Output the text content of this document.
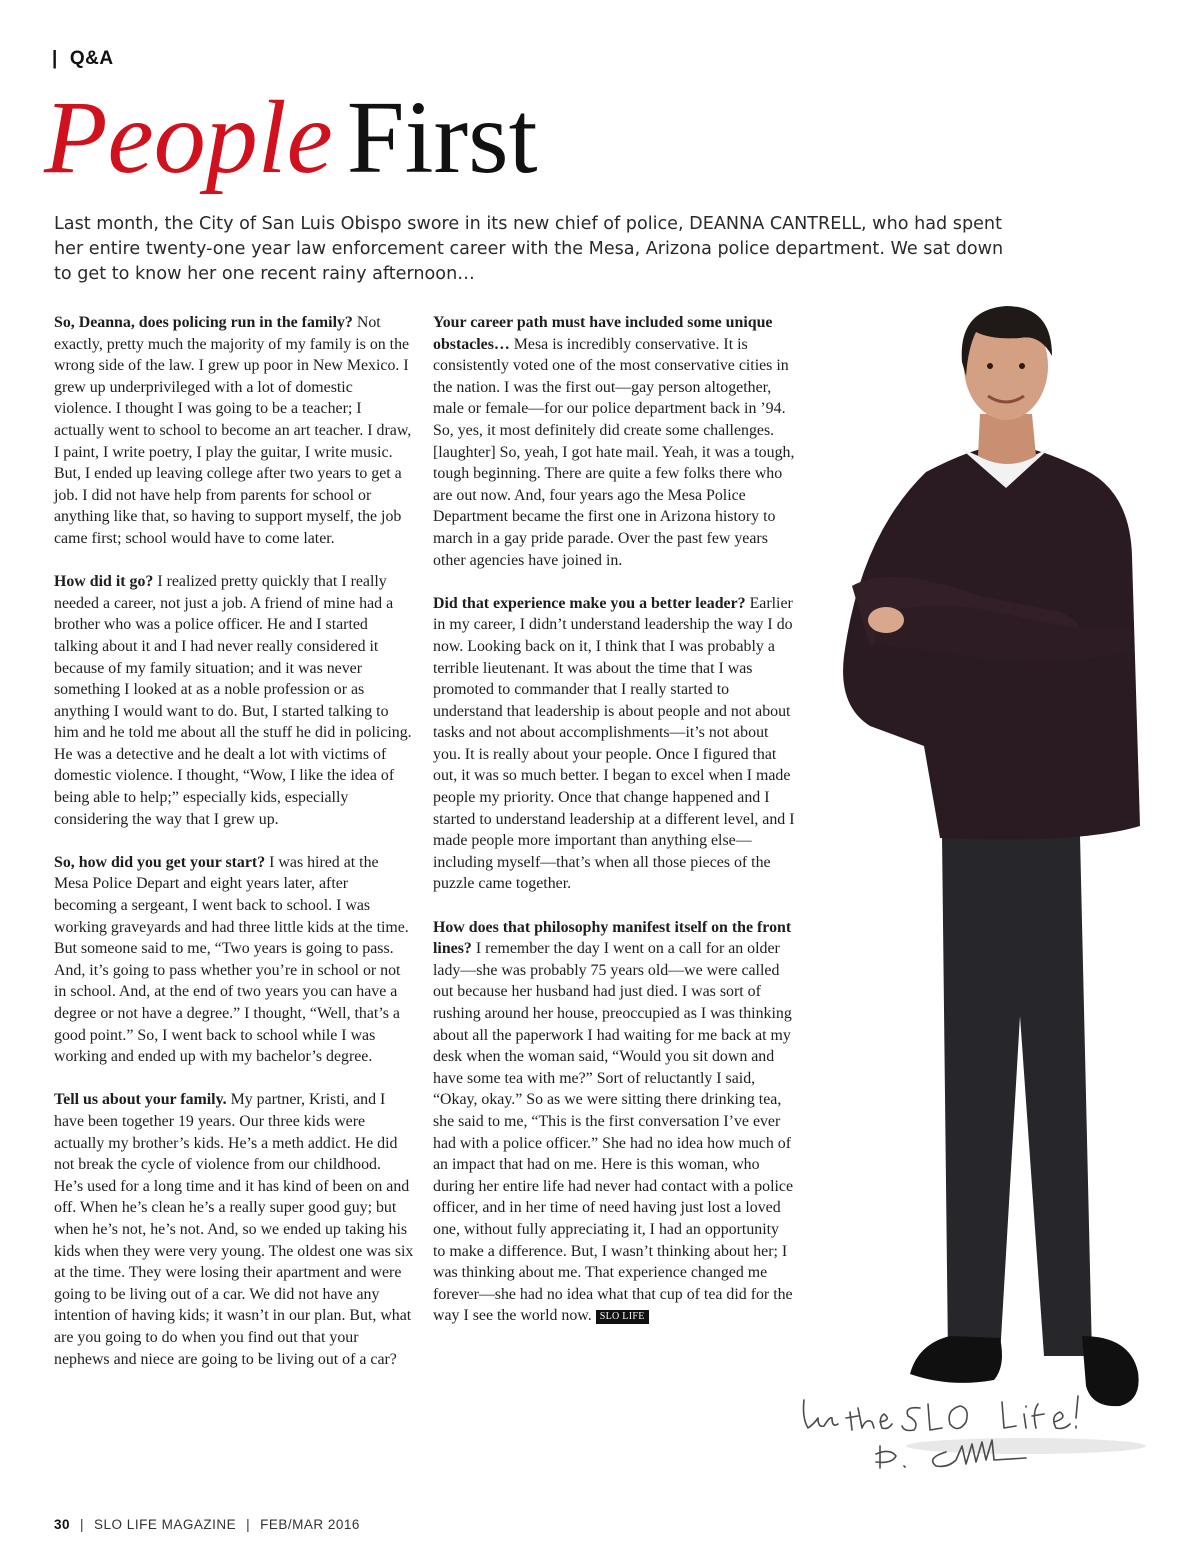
| Q&A
People First

Last month, the City of San Luis Obispo swore in its new chief of police, DEANNA CANTRELL, who had spent her entire twenty-one year law enforcement career with the Mesa, Arizona police department. We sat down to get to know her one recent rainy afternoon…

So, Deanna, does policing run in the family? Not exactly, pretty much the majority of my family is on the wrong side of the law. I grew up poor in New Mexico. I grew up underprivileged with a lot of domestic violence. I thought I was going to be a teacher; I actually went to school to become an art teacher. I draw, I paint, I write poetry, I play the guitar, I write music. But, I ended up leaving college after two years to get a job. I did not have help from parents for school or anything like that, so having to support myself, the job came first; school would have to come later.

How did it go? I realized pretty quickly that I really needed a career, not just a job. A friend of mine had a brother who was a police officer. He and I started talking about it and I had never really considered it because of my family situation; and it was never something I looked at as a noble profession or as anything I would want to do. But, I started talking to him and he told me about all the stuff he did in policing. He was a detective and he dealt a lot with victims of domestic violence. I thought, “Wow, I like the idea of being able to help;” especially kids, especially considering the way that I grew up.

So, how did you get your start? I was hired at the Mesa Police Depart and eight years later, after becoming a sergeant, I went back to school. I was working graveyards and had three little kids at the time. But someone said to me, “Two years is going to pass. And, it’s going to pass whether you’re in school or not in school. And, at the end of two years you can have a degree or not have a degree.” I thought, “Well, that’s a good point.” So, I went back to school while I was working and ended up with my bachelor’s degree.

Tell us about your family. My partner, Kristi, and I have been together 19 years. Our three kids were actually my brother’s kids. He’s a meth addict. He did not break the cycle of violence from our childhood. He’s used for a long time and it has kind of been on and off. When he’s clean he’s a really super good guy; but when he’s not, he’s not. And, so we ended up taking his kids when they were very young. The oldest one was six at the time. They were losing their apartment and were going to be living out of a car. We did not have any intention of having kids; it wasn’t in our plan. But, what are you going to do when you find out that your nephews and niece are going to be living out of a car?

Your career path must have included some unique obstacles… Mesa is incredibly conservative. It is consistently voted one of the most conservative cities in the nation. I was the first out—gay person altogether, male or female—for our police department back in ’94. So, yes, it most definitely did create some challenges. [laughter] So, yeah, I got hate mail. Yeah, it was a tough, tough beginning. There are quite a few folks there who are out now. And, four years ago the Mesa Police Department became the first one in Arizona history to march in a gay pride parade. Over the past few years other agencies have joined in.

Did that experience make you a better leader? Earlier in my career, I didn’t understand leadership the way I do now. Looking back on it, I think that I was probably a terrible lieutenant. It was about the time that I was promoted to commander that I really started to understand that leadership is about people and not about tasks and not about accomplishments—it’s not about you. It is really about your people. Once I figured that out, it was so much better. I began to excel when I made people my priority. Once that change happened and I started to understand leadership at a different level, and I made people more important than anything else—including myself—that’s when all those pieces of the puzzle came together.

How does that philosophy manifest itself on the front lines? I remember the day I went on a call for an older lady—she was probably 75 years old—we were called out because her husband had just died. I was sort of rushing around her house, preoccupied as I was thinking about all the paperwork I had waiting for me back at my desk when the woman said, “Would you sit down and have some tea with me?” Sort of reluctantly I said, “Okay, okay.” So as we were sitting there drinking tea, she said to me, “This is the first conversation I’ve ever had with a police officer.” She had no idea how much of an impact that had on me. Here is this woman, who during her entire life had never had contact with a police officer, and in her time of need having just lost a loved one, without fully appreciating it, I had an opportunity to make a difference. But, I wasn’t thinking about her; I was thinking about me. That experience changed me forever—she had no idea what that cup of tea did for the way I see the world now. SLO LIFE

30 | SLO LIFE MAGAZINE | FEB/MAR 2016
